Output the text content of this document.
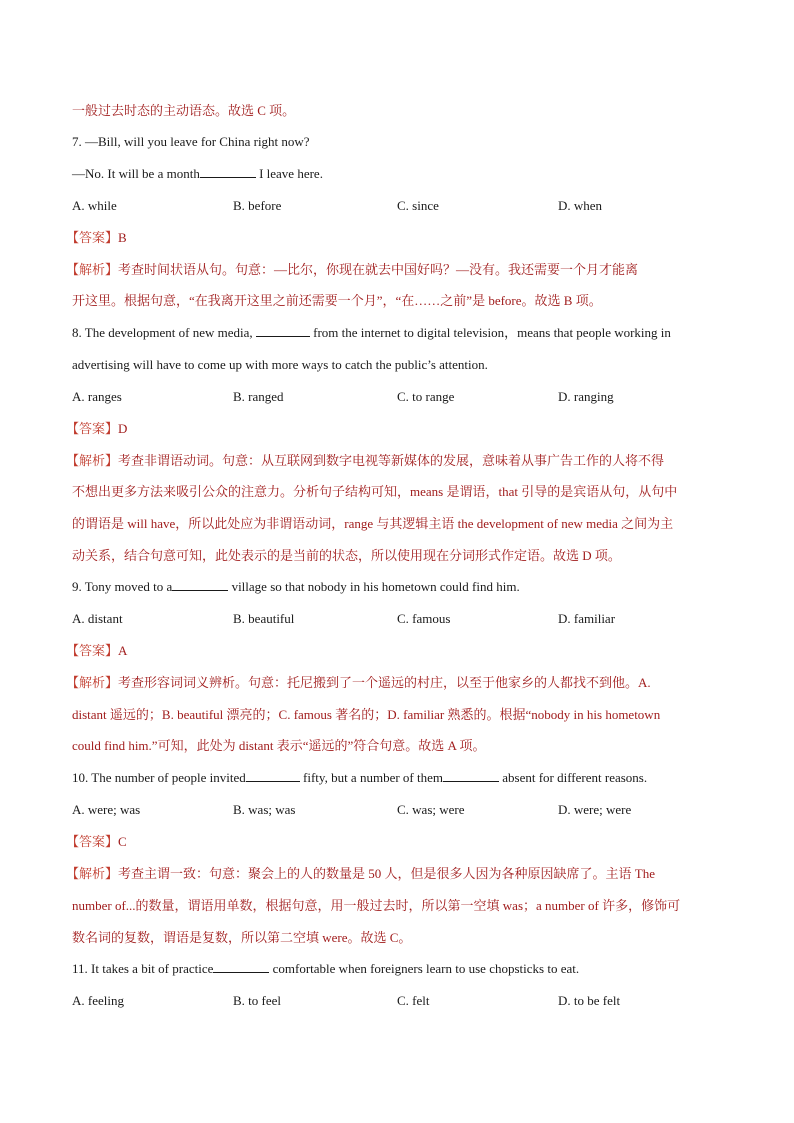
一般过去时态的主动语态。故选 C 项。
7. —Bill, will you leave for China right now?
—No. It will be a month	I leave here.
A. while	B. before	C. since	D. when
【答案】B
【解析】考查时间状语从句。句意：—比尔，你现在就去中国好吗？—没有。我还需要一个月才能离
开这里。根据句意，“在我离开这里之前还需要一个月”，“在……之前”是 before。故选 B 项。
8. The development of new media,	from the internet to digital television，means that people working in
advertising will have to come up with more ways to catch the public’s attention.
A. ranges	B. ranged	C. to range	D. ranging
【答案】D
【解析】考查非谓语动词。句意：从互联网到数字电视等新媒体的发展，意味着从事广告工作的人将不得
不想出更多方法来吸引公众的注意力。分析句子结构可知，means 是谓语，that 引导的是宾语从句，从句中
的谓语是 will have，所以此处应为非谓语动词，range 与其逻辑主语 the development of new media 之间为主
动关系，结合句意可知，此处表示的是当前的状态，所以使用现在分词形式作定语。故选 D 项。
9. Tony moved to a	village so that nobody in his hometown could find him.
A. distant	B. beautiful	C. famous	D. familiar
【答案】A
【解析】考查形容词词义辨析。句意：托尼搬到了一个遥远的村庄，以至于他家乡的人都找不到他。A.
distant 遥远的；B. beautiful 漂亮的；C. famous 著名的；D. familiar 熟悉的。根据“nobody in his hometown
could find him.”可知，此处为 distant 表示“遥远的”符合句意。故选 A 项。
10. The number of people invited	fifty, but a number of them	absent for different reasons.
A. were; was	B. was; was	C. was; were	D. were; were
【答案】C
【解析】考查主谓一致：句意：聚会上的人的数量是 50 人，但是很多人因为各种原因缺席了。主语 The
number of...的数量，谓语用单数，根据句意，用一般过去时，所以第一空填 was；a number of 许多，修饰可
数名词的复数，谓语是复数，所以第二空填 were。故选 C。
11. It takes a bit of practice	comfortable when foreigners learn to use chopsticks to eat.
A. feeling	B. to feel	C. felt	D. to be felt
